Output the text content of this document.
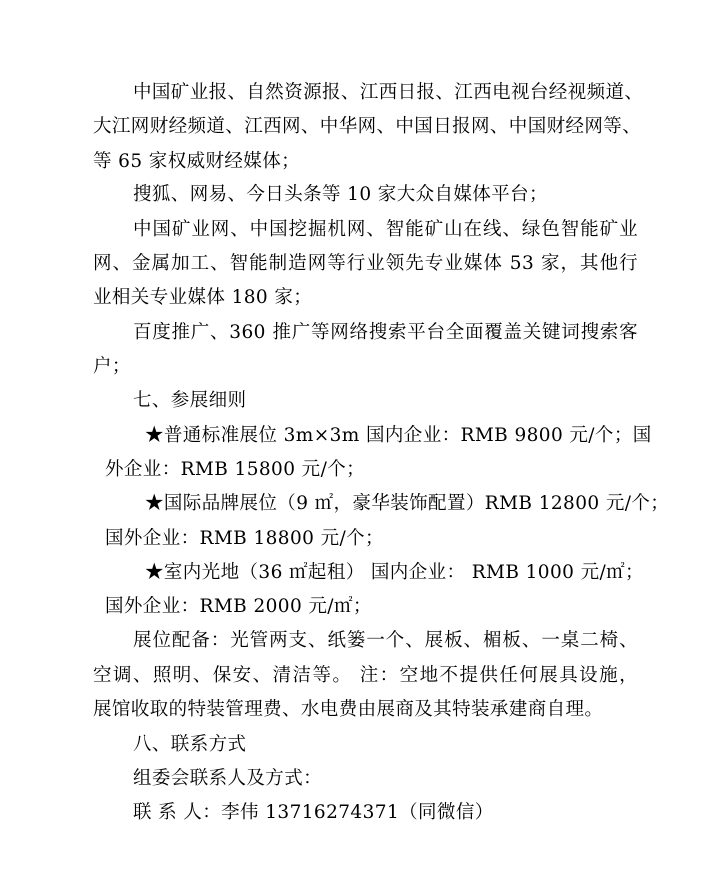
中国矿业报、自然资源报、江西日报、江西电视台经视频道、
大江网财经频道、江西网、中华网、中国日报网、中国财经网等、
等 65 家权威财经媒体；
搜狐、网易、今日头条等 10 家大众自媒体平台；
中国矿业网、中国挖掘机网、智能矿山在线、绿色智能矿业
网、金属加工、智能制造网等行业领先专业媒体 53 家，其他行
业相关专业媒体 180 家；
百度推广、360 推广等网络搜索平台全面覆盖关键词搜索客
户；
七、参展细则
★普通标准展位 3m×3m 国内企业：RMB 9800 元/个；国
外企业：RMB 15800 元/个；
★国际品牌展位（9 ㎡，豪华装饰配置）RMB 12800 元/个；
国外企业：RMB 18800 元/个；
★室内光地（36 ㎡起租） 国内企业： RMB 1000 元/㎡；
国外企业：RMB 2000 元/㎡；
展位配备：光管两支、纸篓一个、展板、楣板、一桌二椅、
空调、照明、保安、清洁等。 注：空地不提供任何展具设施，
展馆收取的特装管理费、水电费由展商及其特装承建商自理。
八、联系方式
组委会联系人及方式：
联 系 人：李伟 13716274371（同微信）
